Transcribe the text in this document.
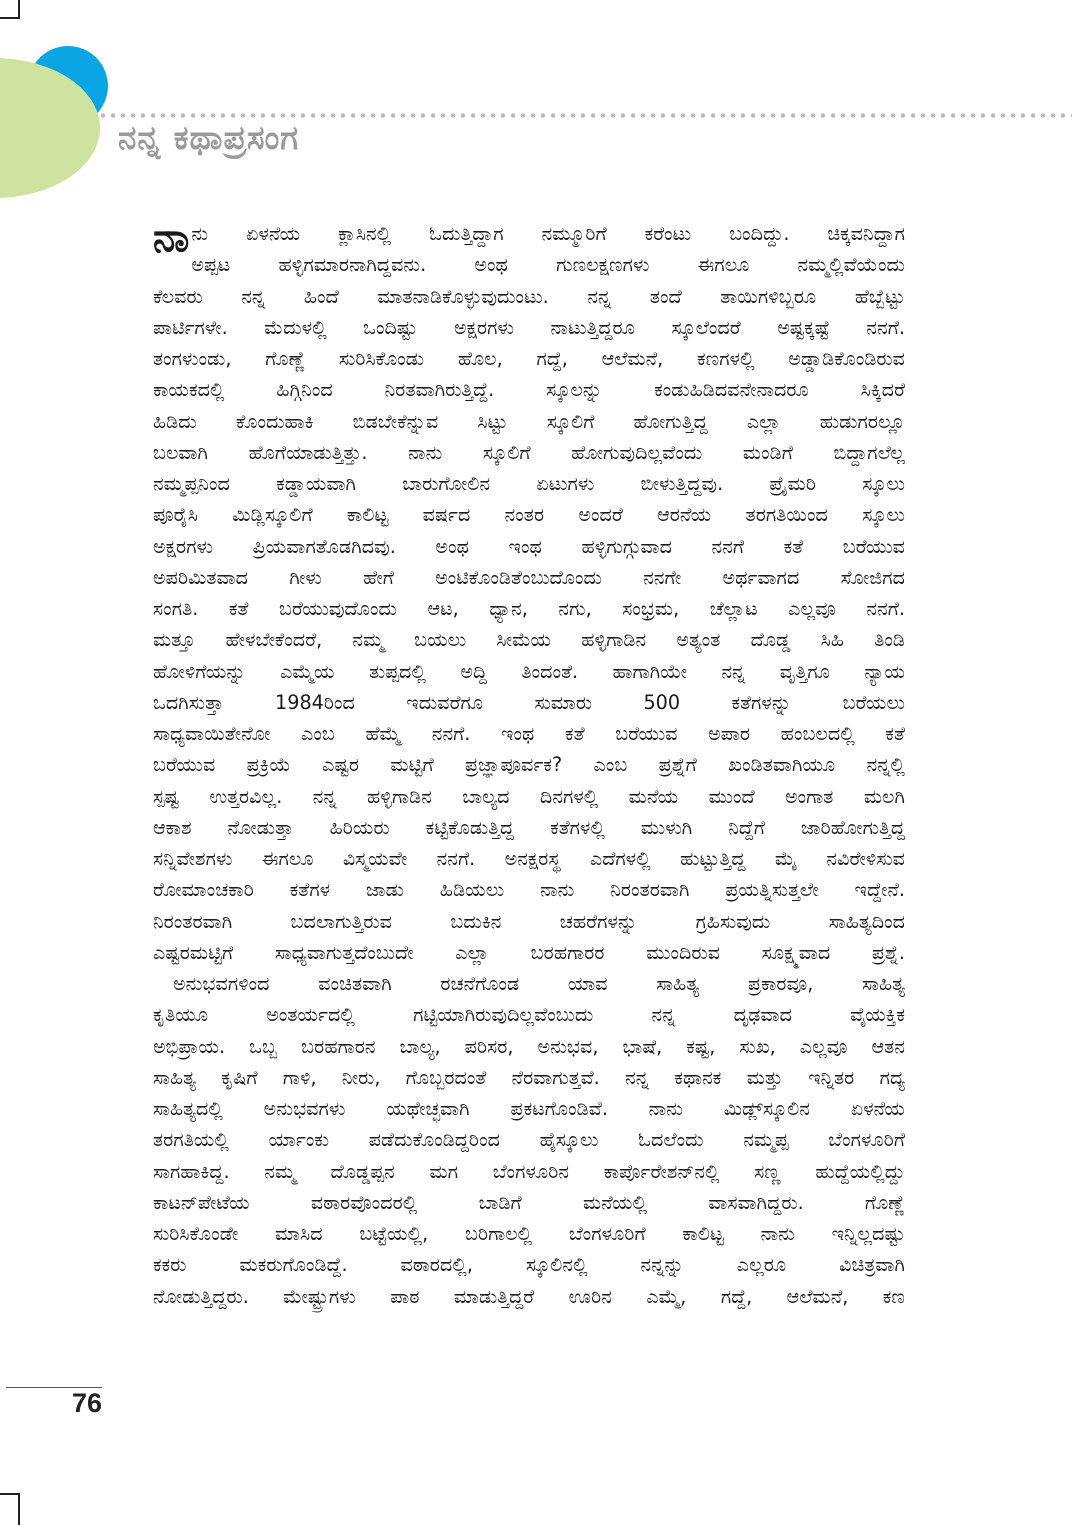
ನನ್ನ ಕಥಾಪ್ರಸಂಗ
ನಾ ನು ಏಳನೆಯ ಕ್ಲಾಸಿನಲ್ಲಿ ಓದುತ್ತಿದ್ದಾಗ ನಮ್ಮೂರಿಗೆ ಕರೆಂಟು ಬಂದಿದ್ದು. ಚಿಕ್ಕವನಿದ್ದಾಗ
ಅಪ್ಪಟ ಹಳ್ಳಿಗಮಾರನಾಗಿದ್ದವನು. ಅಂಥ ಗುಣಲಕ್ಷಣಗಳು ಈಗಲೂ ನಮ್ಮಲ್ಲಿವೆಯೆಂದು
ಕೆಲವರು ನನ್ನ ಹಿಂದೆ ಮಾತನಾಡಿಕೊಳ್ಳುವುದುಂಟು. ನನ್ನ ತಂದೆ ತಾಯಿಗಳಿಬ್ಬರೂ ಹೆಬ್ಬೆಟ್ಟು
ಪಾರ್ಟಿಗಳೇ. ಮೆದುಳಲ್ಲಿ ಒಂದಿಷ್ಟು ಅಕ್ಷರಗಳು ನಾಟುತ್ತಿದ್ದರೂ ಸ್ಕೂಲೆಂದರೆ ಅಷ್ಟಕ್ಕಷ್ಟೆ ನನಗೆ.
ತಂಗಳುಂಡು, ಗೊಣ್ಣೆ ಸುರಿಸಿಕೊಂಡು ಹೊಲ, ಗದ್ದೆ, ಆಲೆಮನೆ, ಕಣಗಳಲ್ಲಿ ಅಡ್ಡಾಡಿಕೊಂಡಿರುವ
ಕಾಯಕದಲ್ಲಿ ಹಿಗ್ಗಿನಿಂದ ನಿರತವಾಗಿರುತ್ತಿದ್ದೆ. ಸ್ಕೂಲನ್ನು ಕಂಡುಹಿಡಿದವನೇನಾದರೂ ಸಿಕ್ಕಿದರೆ
ಹಿಡಿದು ಕೊಂದುಹಾಕಿ ಬಿಡಬೇಕೆನ್ನುವ ಸಿಟ್ಟು ಸ್ಕೂಲಿಗೆ ಹೋಗುತ್ತಿದ್ದ ಎಲ್ಲಾ ಹುಡುಗರಲ್ಲೂ
ಬಲವಾಗಿ ಹೊಗೆಯಾಡುತ್ತಿತ್ತು. ನಾನು ಸ್ಕೂಲಿಗೆ ಹೋಗುವುದಿಲ್ಲವೆಂದು ಮಂಡಿಗೆ ಬಿದ್ದಾಗಲೆಲ್ಲ
ನಮ್ಮಪ್ಪನಿಂದ ಕಡ್ಡಾಯವಾಗಿ ಬಾರುಗೋಲಿನ ಏಟುಗಳು ಬೀಳುತ್ತಿದ್ದವು. ಪ್ರೈಮರಿ ಸ್ಕೂಲು
ಪೂರೈಸಿ ಮಿಡ್ಲಿಸ್ಕೂಲಿಗೆ ಕಾಲಿಟ್ಟ ವರ್ಷದ ನಂತರ ಅಂದರೆ ಆರನೆಯ ತರಗತಿಯಿಂದ ಸ್ಕೂಲು
ಅಕ್ಷರಗಳು ಪ್ರಿಯವಾಗತೊಡಗಿದವು. ಅಂಥ ಇಂಥ ಹಳ್ಳಿಗುಗ್ಗುವಾದ ನನಗೆ ಕತೆ ಬರೆಯುವ
ಅಪರಿಮಿತವಾದ ಗೀಳು ಹೇಗೆ ಅಂಟಿಕೊಂಡಿತೆಂಬುದೊಂದು ನನಗೇ ಅರ್ಥವಾಗದ ಸೋಜಿಗದ
ಸಂಗತಿ. ಕತೆ ಬರೆಯುವುದೊಂದು ಆಟ, ಧ್ಯಾನ, ನಗು, ಸಂಭ್ರಮ, ಚೆಲ್ಲಾಟ ಎಲ್ಲವೂ ನನಗೆ.
ಮತ್ತೂ ಹೇಳಬೇಕೆಂದರೆ, ನಮ್ಮ ಬಯಲು ಸೀಮೆಯ ಹಳ್ಳಿಗಾಡಿನ ಅತ್ಯಂತ ದೊಡ್ಡ ಸಿಹಿ ತಿಂಡಿ
ಹೋಳಿಗೆಯನ್ನು ಎಮ್ಮೆಯ ತುಪ್ಪದಲ್ಲಿ ಅದ್ದಿ ತಿಂದಂತೆ. ಹಾಗಾಗಿಯೇ ನನ್ನ ವೃತ್ತಿಗೂ ನ್ಯಾಯ
ಒದಗಿಸುತ್ತಾ 1984ರಿಂದ ಇದುವರೆಗೂ ಸುಮಾರು 500 ಕತೆಗಳನ್ನು ಬರೆಯಲು
ಸಾಧ್ಯವಾಯಿತೇನೋ ಎಂಬ ಹೆಮ್ಮೆ ನನಗೆ. ಇಂಥ ಕತೆ ಬರೆಯುವ ಅಪಾರ ಹಂಬಲದಲ್ಲಿ ಕತೆ
ಬರೆಯುವ ಪ್ರಕ್ರಿಯೆ ಎಷ್ಟರ ಮಟ್ಟಿಗೆ ಪ್ರಜ್ಞಾಪೂರ್ವಕ? ಎಂಬ ಪ್ರಶ್ನೆಗೆ ಖಂಡಿತವಾಗಿಯೂ ನನ್ನಲ್ಲಿ
ಸ್ಪಷ್ಟ ಉತ್ತರವಿಲ್ಲ. ನನ್ನ ಹಳ್ಳಿಗಾಡಿನ ಬಾಲ್ಯದ ದಿನಗಳಲ್ಲಿ ಮನೆಯ ಮುಂದೆ ಅಂಗಾತ ಮಲಗಿ
ಆಕಾಶ ನೋಡುತ್ತಾ ಹಿರಿಯರು ಕಟ್ಟಿಕೊಡುತ್ತಿದ್ದ ಕತೆಗಳಲ್ಲಿ ಮುಳುಗಿ ನಿದ್ದೆಗೆ ಜಾರಿಹೋಗುತ್ತಿದ್ದ
ಸನ್ನಿವೇಶಗಳು ಈಗಲೂ ವಿಸ್ಮಯವೇ ನನಗೆ. ಅನಕ್ಷರಸ್ಥ ಎದೆಗಳಲ್ಲಿ ಹುಟ್ಟುತ್ತಿದ್ದ ಮೈ ನವಿರೇಳಿಸುವ
ರೋಮಾಂಚಕಾರಿ ಕತೆಗಳ ಜಾಡು ಹಿಡಿಯಲು ನಾನು ನಿರಂತರವಾಗಿ ಪ್ರಯತ್ನಿಸುತ್ತಲೇ ಇದ್ದೇನೆ.
ನಿರಂತರವಾಗಿ ಬದಲಾಗುತ್ತಿರುವ ಬದುಕಿನ ಚಹರೆಗಳನ್ನು ಗ್ರಹಿಸುವುದು ಸಾಹಿತ್ಯದಿಂದ
ಎಷ್ಟರಮಟ್ಟಿಗೆ ಸಾಧ್ಯವಾಗುತ್ತದೆಂಬುದೇ ಎಲ್ಲಾ ಬರಹಗಾರರ ಮುಂದಿರುವ ಸೂಕ್ಷ್ಮವಾದ ಪ್ರಶ್ನೆ.
ಅನುಭವಗಳಿಂದ ವಂಚಿತವಾಗಿ ರಚನೆಗೊಂಡ ಯಾವ ಸಾಹಿತ್ಯ ಪ್ರಕಾರವೂ, ಸಾಹಿತ್ಯ
ಕೃತಿಯೂ ಅಂತರ್ಯದಲ್ಲಿ ಗಟ್ಟಿಯಾಗಿರುವುದಿಲ್ಲವೆಂಬುದು ನನ್ನ ದೃಢವಾದ ವೈಯಕ್ತಿಕ
ಅಭಿಪ್ರಾಯ. ಒಬ್ಬ ಬರಹಗಾರನ ಬಾಲ್ಯ, ಪರಿಸರ, ಅನುಭವ, ಭಾಷೆ, ಕಷ್ಟ, ಸುಖ, ಎಲ್ಲವೂ ಆತನ
ಸಾಹಿತ್ಯ ಕೃಷಿಗೆ ಗಾಳಿ, ನೀರು, ಗೊಬ್ಬರದಂತೆ ನೆರವಾಗುತ್ತವೆ. ನನ್ನ ಕಥಾನಕ ಮತ್ತು ಇನ್ನಿತರ ಗದ್ಯ
ಸಾಹಿತ್ಯದಲ್ಲಿ ಅನುಭವಗಳು ಯಥೇಚ್ಛವಾಗಿ ಪ್ರಕಟಗೊಂಡಿವೆ. ನಾನು ಮಿಡ್ಲ್‌ಸ್ಕೂಲಿನ ಏಳನೆಯ
ತರಗತಿಯಲ್ಲಿ ರ್ಯಾಂಕು ಪಡೆದುಕೊಂಡಿದ್ದರಿಂದ ಹೈಸ್ಕೂಲು ಓದಲೆಂದು ನಮ್ಮಪ್ಪ ಬೆಂಗಳೂರಿಗೆ
ಸಾಗಹಾಕಿದ್ದ. ನಮ್ಮ ದೊಡ್ಡಪ್ಪನ ಮಗ ಬೆಂಗಳೂರಿನ ಕಾರ್ಪೊರೇಶನ್‌ನಲ್ಲಿ ಸಣ್ಣ ಹುದ್ದೆಯಲ್ಲಿದ್ದು
ಕಾಟನ್‌ಪೇಟೆಯ ವಠಾರವೊಂದರಲ್ಲಿ ಬಾಡಿಗೆ ಮನೆಯಲ್ಲಿ ವಾಸವಾಗಿದ್ದರು. ಗೊಣ್ಣೆ
ಸುರಿಸಿಕೊಂಡೇ ಮಾಸಿದ ಬಟ್ಟೆಯಲ್ಲಿ, ಬರಿಗಾಲಲ್ಲಿ ಬೆಂಗಳೂರಿಗೆ ಕಾಲಿಟ್ಟ ನಾನು ಇನ್ನಿಲ್ಲದಷ್ಟು
ಕಕರು ಮಕರುಗೊಂಡಿದ್ದೆ. ವಠಾರದಲ್ಲಿ, ಸ್ಕೂಲಿನಲ್ಲಿ ನನ್ನನ್ನು ಎಲ್ಲರೂ ವಿಚಿತ್ರವಾಗಿ
ನೋಡುತ್ತಿದ್ದರು. ಮೇಷ್ಟ್ರುಗಳು ಪಾಠ ಮಾಡುತ್ತಿದ್ದರೆ ಊರಿನ ಎಮ್ಮೆ, ಗದ್ದೆ, ಆಲೆಮನೆ, ಕಣ

76
